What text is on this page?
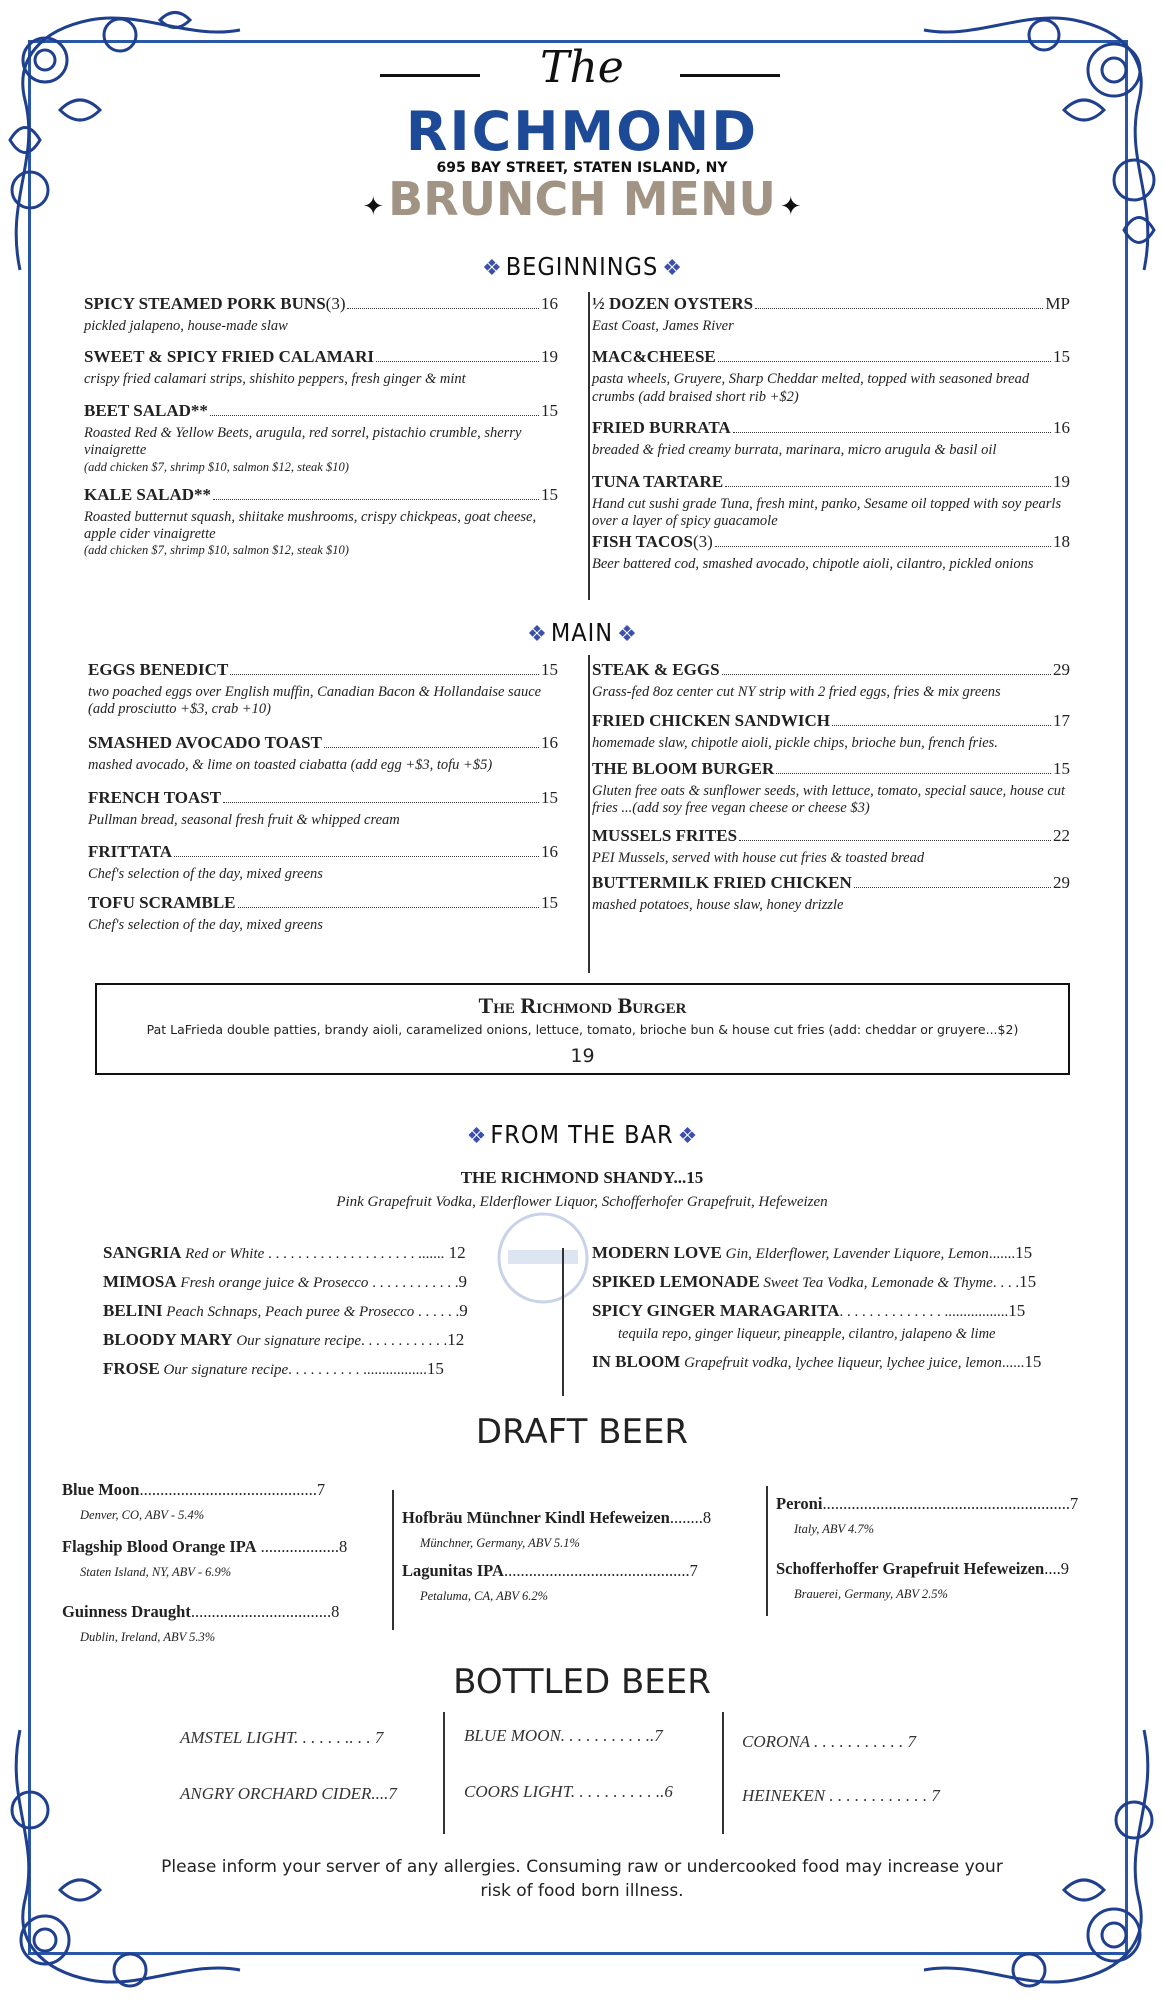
The
RICHMOND
695 BAY STREET, STATEN ISLAND, NY
✦ BRUNCH MENU ✦
❖ BEGINNINGS ❖
SPICY STEAMED PORK BUNS (3)	16
pickled jalapeno, house-made slaw
SWEET & SPICY FRIED CALAMARI	19
crispy fried calamari strips, shishito peppers, fresh ginger & mint
BEET SALAD**	15
Roasted Red & Yellow Beets, arugula, red sorrel, pistachio crumble, sherry vinaigrette
(add chicken $7, shrimp $10, salmon $12, steak $10)
KALE SALAD**	15
Roasted butternut squash, shiitake mushrooms, crispy chickpeas, goat cheese, apple cider vinaigrette
(add chicken $7, shrimp $10, salmon $12, steak $10)
½ DOZEN OYSTERS	MP
East Coast, James River
MAC&CHEESE	15
pasta wheels, Gruyere, Sharp Cheddar melted, topped with seasoned bread crumbs (add braised short rib +$2)
FRIED BURRATA	16
breaded & fried creamy burrata, marinara, micro arugula & basil oil
TUNA TARTARE	19
Hand cut sushi grade Tuna, fresh mint, panko, Sesame oil topped with soy pearls over a layer of spicy guacamole
FISH TACOS (3)	18
Beer battered cod, smashed avocado, chipotle aioli, cilantro, pickled onions
❖ MAIN ❖
EGGS BENEDICT	15
two poached eggs over English muffin, Canadian Bacon & Hollandaise sauce (add prosciutto +$3, crab +10)
SMASHED AVOCADO TOAST	16
mashed avocado, & lime on toasted ciabatta (add egg +$3, tofu +$5)
FRENCH TOAST	15
Pullman bread, seasonal fresh fruit & whipped cream
FRITTATA	16
Chef's selection of the day, mixed greens
TOFU SCRAMBLE	15
Chef's selection of the day, mixed greens
STEAK & EGGS	29
Grass-fed 8oz center cut NY strip with 2 fried eggs, fries & mix greens
FRIED CHICKEN SANDWICH	17
homemade slaw, chipotle aioli, pickle chips, brioche bun, french fries.
THE BLOOM BURGER	15
Gluten free oats & sunflower seeds, with lettuce, tomato, special sauce, house cut fries ...(add soy free vegan cheese or cheese $3)
MUSSELS FRITES	22
PEI Mussels, served with house cut fries & toasted bread
BUTTERMILK FRIED CHICKEN	29
mashed potatoes, house slaw, honey drizzle
The Richmond Burger
Pat LaFrieda double patties, brandy aioli, caramelized onions, lettuce, tomato, brioche bun & house cut fries (add: cheddar or gruyere...$2)
19
❖ FROM THE BAR ❖
THE RICHMOND SHANDY...15
Pink Grapefruit Vodka, Elderflower Liquor, Schofferhofer Grapefruit, Hefeweizen
SANGRIA Red or White . . . . . . . . . . . . . . . . . . . . ....... 12
MIMOSA Fresh orange juice & Prosecco . . . . . . . . . . . .9
BELINI Peach Schnaps, Peach puree & Prosecco . . . . . .9
BLOODY MARY Our signature recipe. . . . . . . . . . . .12
FROSE Our signature recipe. . . . . . . . . . .................15
MODERN LOVE Gin, Elderflower, Lavender Liquore, Lemon.......15
SPIKED LEMONADE Sweet Tea Vodka, Lemonade & Thyme. . . .15
SPICY GINGER MARAGARITA. . . . . . . . . . . . . . .................15
tequila repo, ginger liqueur, pineapple, cilantro, jalapeno & lime
IN BLOOM Grapefruit vodka, lychee liqueur, lychee juice, lemon......15
DRAFT BEER
Blue Moon...........................................7
Denver, CO, ABV - 5.4%
Flagship Blood Orange IPA ...................8
Staten Island, NY, ABV - 6.9%
Guinness Draught..................................8
Dublin, Ireland, ABV 5.3%
Hofbräu Münchner Kindl Hefeweizen........8
Münchner, Germany, ABV 5.1%
Lagunitas IPA.............................................7
Petaluma, CA, ABV 6.2%
Peroni............................................................7
Italy, ABV 4.7%
Schofferhoffer Grapefruit Hefeweizen....9
Brauerei, Germany, ABV 2.5%
BOTTLED BEER
AMSTEL LIGHT. . . . . . .. . . 7
ANGRY ORCHARD CIDER....7
BLUE MOON. . . . . . . . . . ..7
COORS LIGHT. . . . . . . . . . ..6
CORONA . . . . . . . . . . . 7
HEINEKEN . . . . . . . . . . . . 7
Please inform your server of any allergies. Consuming raw or undercooked food may increase your
risk of food born illness.
